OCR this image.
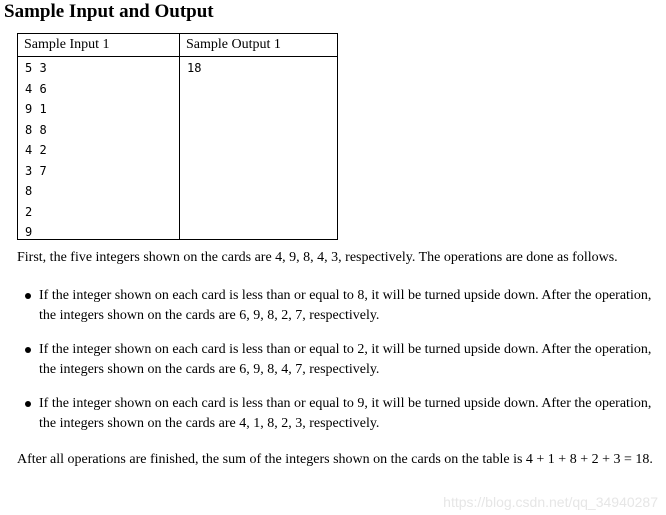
Sample Input and Output
Sample Input 1	Sample Output 1
5 3
4 6
9 1
8 8
4 2
3 7
8
2
9
18
First, the five integers shown on the cards are 4, 9, 8, 4, 3, respectively. The operations are done as follows.
If the integer shown on each card is less than or equal to 8, it will be turned upside down. After the operation,
the integers shown on the cards are 6, 9, 8, 2, 7, respectively.
If the integer shown on each card is less than or equal to 2, it will be turned upside down. After the operation,
the integers shown on the cards are 6, 9, 8, 4, 7, respectively.
If the integer shown on each card is less than or equal to 9, it will be turned upside down. After the operation,
the integers shown on the cards are 4, 1, 8, 2, 3, respectively.
After all operations are finished, the sum of the integers shown on the cards on the table is 4 + 1 + 8 + 2 + 3 = 18.
https://blog.csdn.net/qq_34940287
